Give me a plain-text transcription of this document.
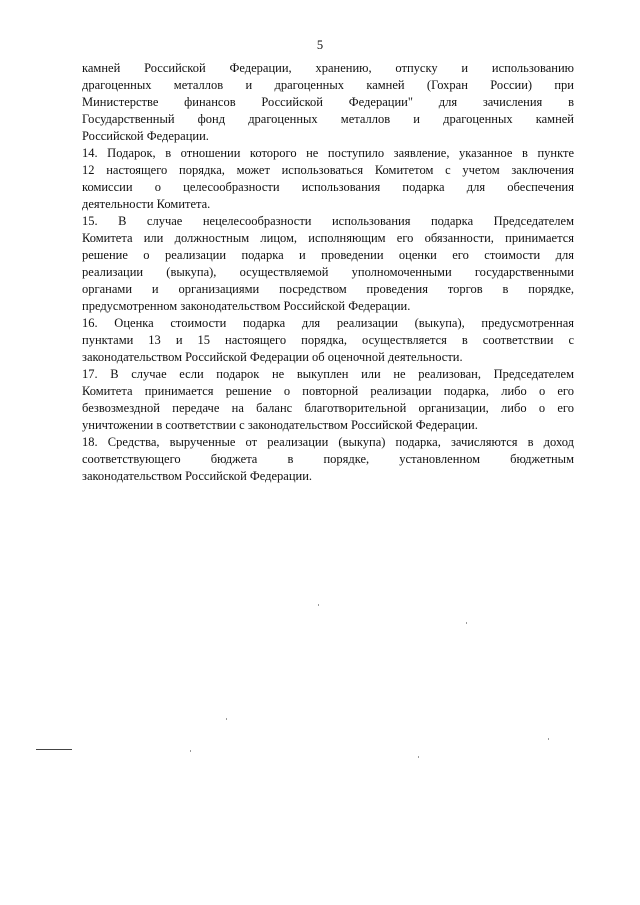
5
камней Российской Федерации, хранению, отпуску и использованию
драгоценных металлов и драгоценных камней (Гохран России) при
Министерстве финансов Российской Федерации" для зачисления в
Государственный фонд драгоценных металлов и драгоценных камней
Российской Федерации.
14. Подарок, в отношении которого не поступило заявление, указанное в пункте
12 настоящего порядка, может использоваться Комитетом с учетом заключения
комиссии о целесообразности использования подарка для обеспечения
деятельности Комитета.
15. В случае нецелесообразности использования подарка Председателем
Комитета или должностным лицом, исполняющим его обязанности, принимается
решение о реализации подарка и проведении оценки его стоимости для
реализации (выкупа), осуществляемой уполномоченными государственными
органами и организациями посредством проведения торгов в порядке,
предусмотренном законодательством Российской Федерации.
16. Оценка стоимости подарка для реализации (выкупа), предусмотренная
пунктами 13 и 15 настоящего порядка, осуществляется в соответствии с
законодательством Российской Федерации об оценочной деятельности.
17. В случае если подарок не выкуплен или не реализован, Председателем
Комитета принимается решение о повторной реализации подарка, либо о его
безвозмездной передаче на баланс благотворительной организации, либо о его
уничтожении в соответствии с законодательством Российской Федерации.
18. Средства, вырученные от реализации (выкупа) подарка, зачисляются в доход
соответствующего бюджета в порядке, установленном бюджетным
законодательством Российской Федерации.
